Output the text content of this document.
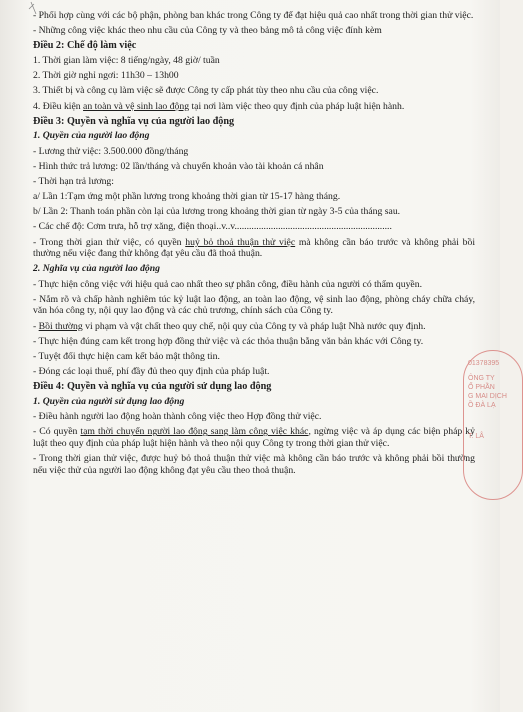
- Phối hợp cùng với các bộ phận, phòng ban khác trong Công ty để đạt hiệu quả cao nhất trong thời gian thử việc.

- Những công việc khác theo nhu cầu của Công ty và theo bảng mô tả công việc đính kèm

Điều 2: Chế độ làm việc

1. Thời gian làm việc: 8 tiếng/ngày, 48 giờ/ tuần

2. Thời giờ nghỉ ngơi: 11h30 – 13h00

3. Thiết bị và công cụ làm việc sẽ được Công ty cấp phát tùy theo nhu cầu của công việc.

4. Điều kiện an toàn và vệ sinh lao động tại nơi làm việc theo quy định của pháp luật hiện hành.

Điều 3: Quyền và nghĩa vụ của người lao động

1. Quyền của người lao động

- Lương thử việc: 3.500.000 đồng/tháng

- Hình thức trả lương: 02 lần/tháng và chuyển khoản vào tài khoản cá nhân

- Thời hạn trả lương:

a/ Lần 1:Tạm ứng một phần lương trong khoảng thời gian từ 15-17 hàng tháng.

b/ Lần 2: Thanh toán phần còn lại của lương trong khoảng thời gian từ ngày 3-5 của tháng sau.

- Các chế độ: Cơm trưa, hỗ trợ xăng, điện thoại..v..v.................................................................

- Trong thời gian thử việc, có quyền huỷ bỏ thoả thuận thử việc mà không cần báo trước và không phải bồi thường nếu việc đang thử không đạt yêu cầu đã thoả thuận.

2. Nghĩa vụ của người lao động

- Thực hiện công việc với hiệu quả cao nhất theo sự phân công, điều hành của người có thẩm quyền.

- Nắm rõ và chấp hành nghiêm túc kỷ luật lao động, an toàn lao động, vệ sinh lao động, phòng cháy chữa cháy, văn hóa công ty, nội quy lao động và các chủ trương, chính sách của Công ty.

- Bồi thường vi phạm và vật chất theo quy chế, nội quy của Công ty và pháp luật Nhà nước quy định.

- Thực hiện đúng cam kết trong hợp đồng thử việc và các thỏa thuận bằng văn bản khác với Công ty.

- Tuyệt đối thực hiện cam kết bảo mật thông tin.

- Đóng các loại thuế, phí đầy đủ theo quy định của pháp luật.

Điều 4: Quyền và nghĩa vụ của người sử dụng lao động

1. Quyền của người sử dụng lao động

- Điều hành người lao động hoàn thành công việc theo Hợp đồng thử việc.

- Có quyền tạm thời chuyển người lao động sang làm công việc khác, ngừng việc và áp dụng các biện pháp kỷ luật theo quy định của pháp luật hiện hành và theo nội quy Công ty trong thời gian thử việc.

- Trong thời gian thử việc, được huỷ bỏ thoả thuận thử việc mà không cần báo trước và không phải bồi thường nếu việc thử của người lao động không đạt yêu cầu theo thoả thuận.

01378395
ÔNG TY
Ổ PHẦN
G MAI DỊCH
Ồ ĐÀ LẠ
T. LÂ
